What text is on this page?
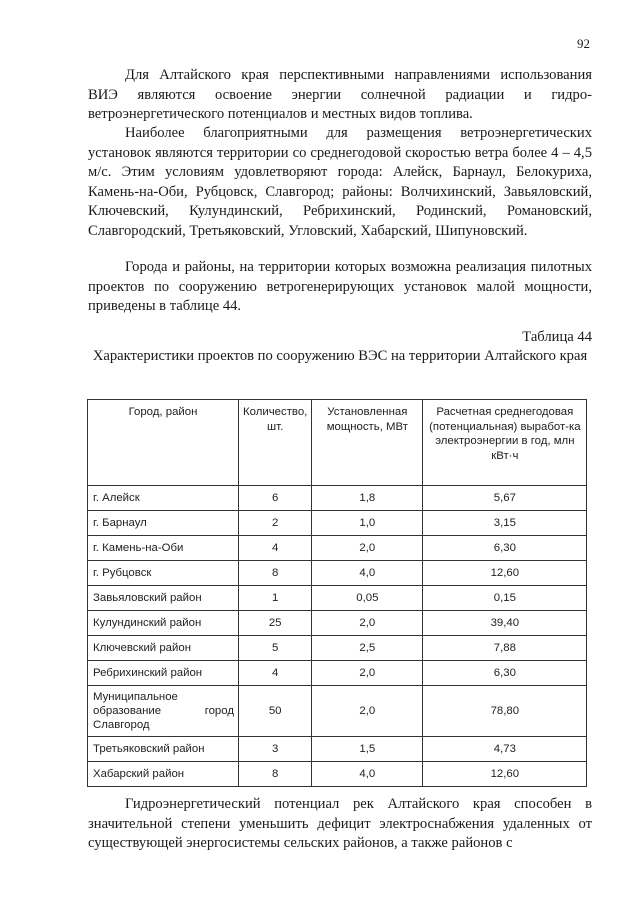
92

Для Алтайского края перспективными направлениями использования ВИЭ являются освоение энергии солнечной радиации и гидро-ветроэнергетического потенциалов и местных видов топлива.

Наиболее благоприятными для размещения ветроэнергетических установок являются территории со среднегодовой скоростью ветра более 4 – 4,5 м/с. Этим условиям удовлетворяют города: Алейск, Барнаул, Белокуриха, Камень-на-Оби, Рубцовск, Славгород; районы: Волчихинский, Завьяловский, Ключевский, Кулундинский, Ребрихинский, Родинский, Романовский, Славгородский, Третьяковский, Угловский, Хабарский, Шипуновский.

Города и районы, на территории которых возможна реализация пилотных проектов по сооружению ветрогенерирующих установок малой мощности, приведены в таблице 44.

Таблица 44
Характеристики проектов по сооружению ВЭС на территории Алтайского края
Город, район	Количество, шт.	Установленная мощность, МВт	Расчетная среднегодовая (потенциальная) выработ-ка электроэнергии в год, млн кВт·ч
г. Алейск	6	1,8	5,67
г. Барнаул	2	1,0	3,15
г. Камень-на-Оби	4	2,0	6,30
г. Рубцовск	8	4,0	12,60
Завьяловский район	1	0,05	0,15
Кулундинский район	25	2,0	39,40
Ключевский район	5	2,5	7,88
Ребрихинский район	4	2,0	6,30
Муниципальное образование город Славгород	50	2,0	78,80
Третьяковский район	3	1,5	4,73
Хабарский район	8	4,0	12,60

Гидроэнергетический потенциал рек Алтайского края способен в значительной степени уменьшить дефицит электроснабжения удаленных от существующей энергосистемы сельских районов, а также районов с
